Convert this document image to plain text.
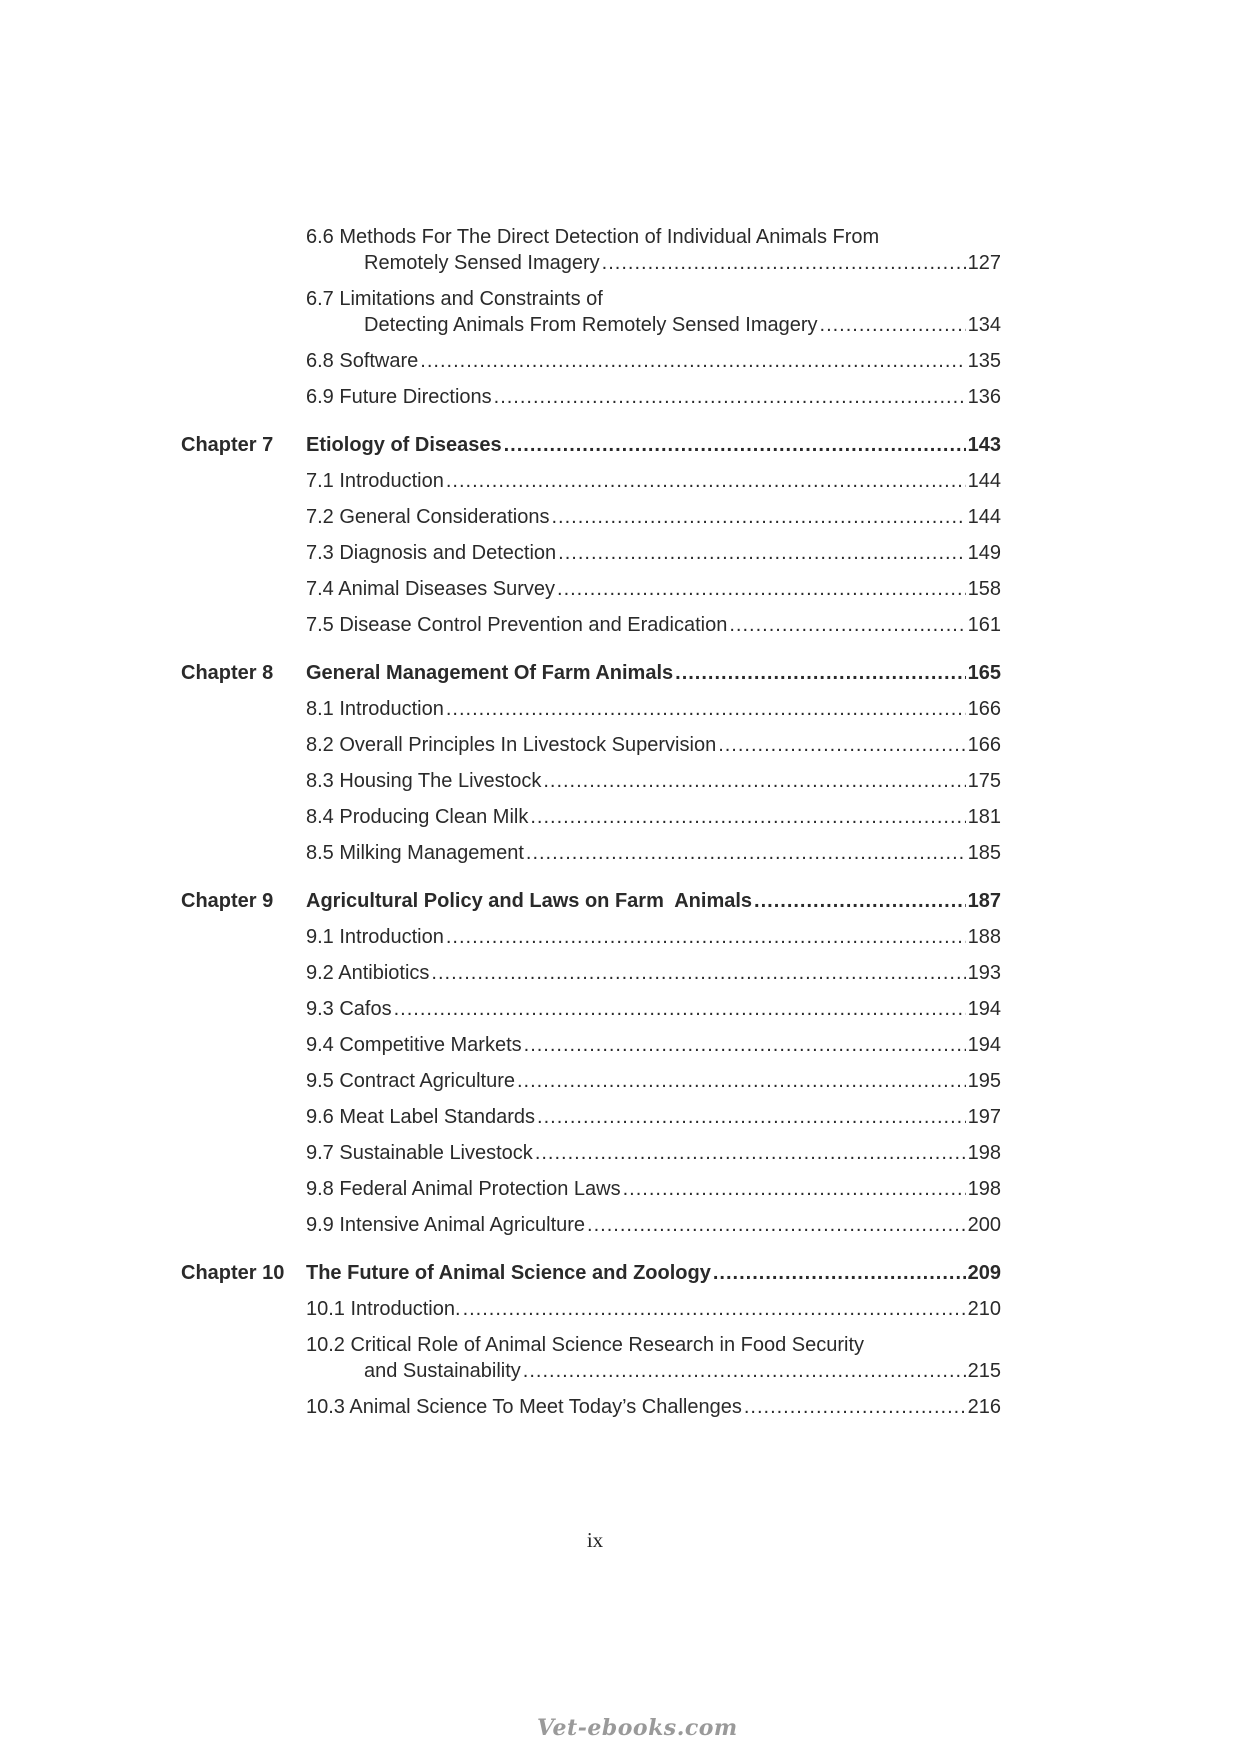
6.6 Methods For The Direct Detection of Individual Animals From
Remotely Sensed Imagery .....	127
6.7 Limitations and Constraints of
Detecting Animals From Remotely Sensed Imagery .....	134
6.8 Software .....	135
6.9 Future Directions .....	136
Chapter 7 Etiology of Diseases .....	143
7.1 Introduction .....	144
7.2 General Considerations .....	144
7.3 Diagnosis and Detection .....	149
7.4 Animal Diseases Survey .....	158
7.5 Disease Control Prevention and Eradication .....	161
Chapter 8 General Management Of Farm Animals .....	165
8.1 Introduction .....	166
8.2 Overall Principles In Livestock Supervision .....	166
8.3 Housing The Livestock .....	175
8.4 Producing Clean Milk .....	181
8.5 Milking Management .....	185
Chapter 9 Agricultural Policy and Laws on Farm  Animals .....	187
9.1 Introduction .....	188
9.2 Antibiotics .....	193
9.3 Cafos .....	194
9.4 Competitive Markets .....	194
9.5 Contract Agriculture .....	195
9.6 Meat Label Standards .....	197
9.7 Sustainable Livestock .....	198
9.8 Federal Animal Protection Laws .....	198
9.9 Intensive Animal Agriculture .....	200
Chapter 10 The Future of Animal Science and Zoology .....	209
10.1 Introduction. .....	210
10.2 Critical Role of Animal Science Research in Food Security
and Sustainability .....	215
10.3 Animal Science To Meet Today’s Challenges .....	216
ix
Vet-ebooks.com
